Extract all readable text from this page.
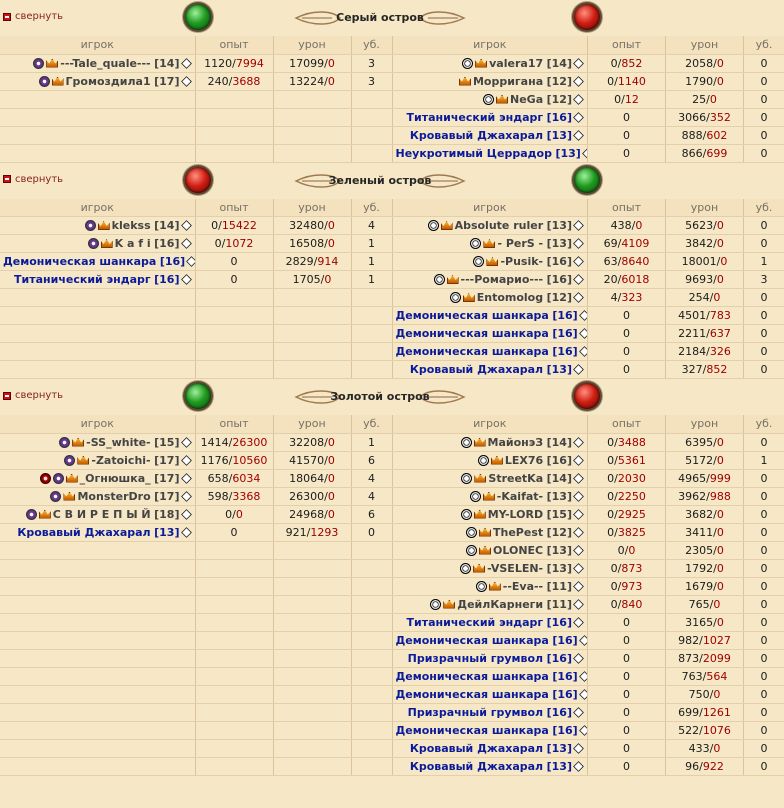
свернуть	Серый остров
игрок	опыт	урон	уб.
---Tale_quale--- [14]	1120/7994	17099/0	3
Громоздила1 [17]	240/3688	13224/0	3

игрок	опыт	урон	уб.
valera17 [14]	0/852	2058/0	0
Морригана [12]	0/1140	1790/0	0
NeGa [12]	0/12	25/0	0
Титанический эндарг [16]	0	3066/352	0
Кровавый Джахарал [13]	0	888/602	0
Неукротимый Церрадор [13]	0	866/699	0
свернуть	Зеленый остров
игрок	опыт	урон	уб.
klekss [14]	0/15422	32480/0	4
K a f i [16]	0/1072	16508/0	1
Демоническая шанкара [16]	0	2829/914	1
Титанический эндарг [16]	0	1705/0	1

игрок	опыт	урон	уб.
Absolute ruler [13]	438/0	5623/0	0
- PerS - [13]	69/4109	3842/0	0
-Pusik- [16]	63/8640	18001/0	1
---Ромарио--- [16]	20/6018	9693/0	3
Entomolog [12]	4/323	254/0	0
Демоническая шанкара [16]	0	4501/783	0
Демоническая шанкара [16]	0	2211/637	0
Демоническая шанкара [16]	0	2184/326	0
Кровавый Джахарал [13]	0	327/852	0
свернуть	Золотой остров
игрок	опыт	урон	уб.
-SS_white- [15]	1414/26300	32208/0	1
-Zatoichi- [17]	1176/10560	41570/0	6
_Огнюшка_ [17]	658/6034	18064/0	4
MonsterDro [17]	598/3368	26300/0	4
С В И Р Е П Ы Й [18]	0/0	24968/0	6
Кровавый Джахарал [13]	0	921/1293	0

игрок	опыт	урон	уб.
МайонэЗ [14]	0/3488	6395/0	0
LEX76 [16]	0/5361	5172/0	1
StreetKa [14]	0/2030	4965/999	0
-Kaifat- [13]	0/2250	3962/988	0
MY-LORD [15]	0/2925	3682/0	0
ThePest [12]	0/3825	3411/0	0
OLONEC [13]	0/0	2305/0	0
-VSELEN- [13]	0/873	1792/0	0
--Eva-- [11]	0/973	1679/0	0
ДейлКарнеги [11]	0/840	765/0	0
Титанический эндарг [16]	0	3165/0	0
Демоническая шанкара [16]	0	982/1027	0
Призрачный грумвол [16]	0	873/2099	0
Демоническая шанкара [16]	0	763/564	0
Демоническая шанкара [16]	0	750/0	0
Призрачный грумвол [16]	0	699/1261	0
Демоническая шанкара [16]	0	522/1076	0
Кровавый Джахарал [13]	0	433/0	0
Кровавый Джахарал [13]	0	96/922	0
